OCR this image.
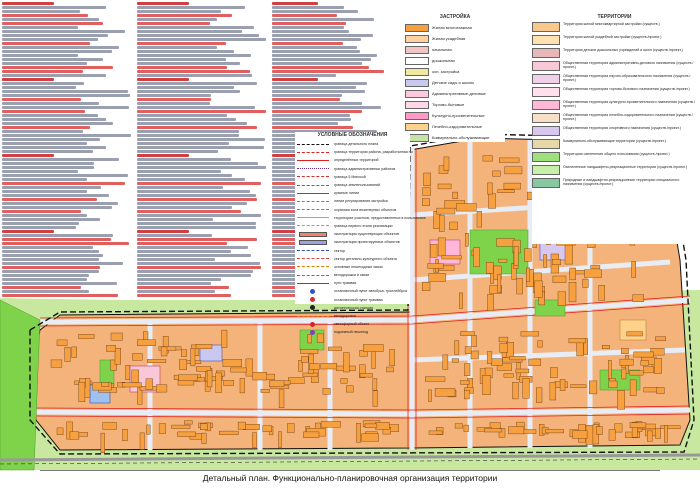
ЗАСТРОЙКА
Жилая многоэтажная
Жилая усадебная
начальная
дошкольная
осн. застройка
Детские сады и школы
Административные-деловые
Торгово-бытовые
Культурно-просветительные
Лечебно-оздоровительные
Коммунально-обслуживающие
УСЛОВНЫЕ ОБОЗНАЧЕНИЯ
граница детального плана
граница территории района, разработанная по
определённых территорий
граница административных районов
граница 5 Минской
граница землепользований
красные линии
линии регулирования застройки
охранная зона инженерных объектов
территории участков, предоставленных в пользование
граница первого этапа реализации
эксплуатация существующих объектов
эксплуатация проектируемых объектов
сектор
сектор детально-культурного объекта
основные пешеходные связи
велодорожки и связи
пути трамвая
остановочный пункт автобуса, троллейбуса
остановочный пункт трамвая
диспетчерская станция
велодорожки
светофорный объект
подземный пешеход
ТЕРРИТОРИИ
Территория жилой многоквартирной застройки (существ.)
Территория жилой усадебной застройки (существ./проект.)
Территория детских дошкольных учреждений и школ (существ./проект.)
Общественная территория административно-делового назначения (существ./проект.)
Общественная территория научно-образовательного назначения (существ./проект.)
Общественная территория торгово-бытового назначения (существ./проект.)
Общественная территория культурно-просветительного назначения (существ./проект.)
Общественная территория лечебно-оздоровительного назначения (существ./проект.)
Общественная территория спортивного назначения (существ./проект.)
Коммунально-обслуживающие территории (существ./проект.)
Территории озеленения общего пользования (существ./проект.)
Озелененные ландшафтно-рекреационные территории (существ./проект.)
Природные и ландшафтно-рекреационные территории специального назначения (существ./проект.)
Детальный план. Функционально-планировочная организация территории
